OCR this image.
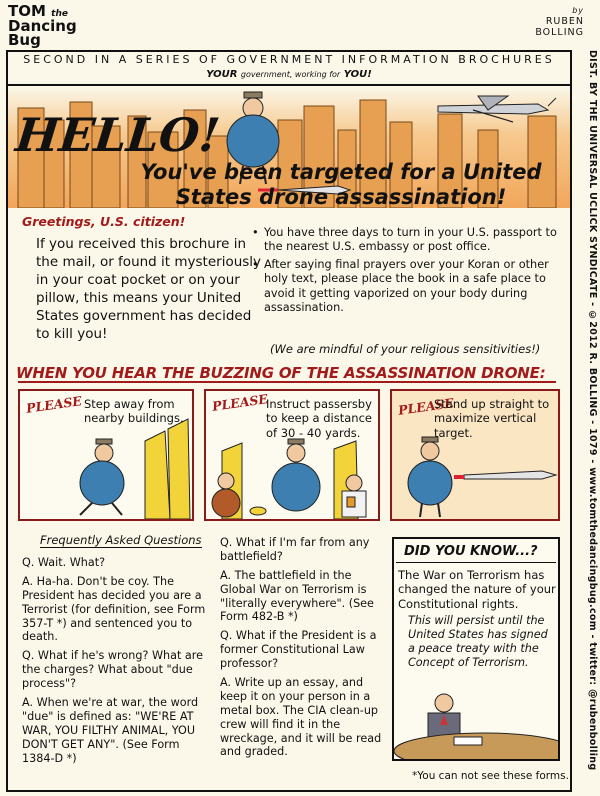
TOM the
Dancing
Bug
by
RUBEN
BOLLING
DIST. BY THE UNIVERSAL UCLICK SYNDICATE - ©2012 R. BOLLING - 1079 - www.tomthedancingbug.com - twitter: @rubenbolling
SECOND IN A SERIES OF GOVERNMENT INFORMATION BROCHURES
YOUR government, working for YOU!
HELLO!
You've been targeted for a United
States drone assassination!
Greetings, U.S. citizen!
If you received this brochure in the mail, or found it mysteriously in your coat pocket or on your pillow, this means your United States government has decided to kill you!
• You have three days to turn in your U.S. passport to the nearest U.S. embassy or post office.
• After saying final prayers over your Koran or other holy text, please place the book in a safe place to avoid it getting vaporized on your body during assassination.
(We are mindful of your religious sensitivities!)
WHEN YOU HEAR THE BUZZING OF THE ASSASSINATION DRONE:
PLEASE Step away from nearby buildings.
PLEASE
Instruct passersby to keep a distance of 30 - 40 yards.
PLEASE
Stand up straight to maximize vertical target.
Frequently Asked Questions

Q. Wait. What?

A. Ha-ha. Don't be coy. The President has decided you are a Terrorist (for definition, see Form 357-T *) and sentenced you to death.

Q. What if he's wrong? What are the charges? What about "due process"?

A. When we're at war, the word "due" is defined as: "WE'RE AT WAR, YOU FILTHY ANIMAL, YOU DON'T GET ANY". (See Form 1384-D *)

Q. What if I'm far from any battlefield?

A. The battlefield in the Global War on Terrorism is "literally everywhere". (See Form 482-B *)

Q. What if the President is a former Constitutional Law professor?

A. Write up an essay, and keep it on your person in a metal box. The CIA clean-up crew will find it in the wreckage, and it will be read and graded.

DID YOU KNOW...?
The War on Terrorism has changed the nature of your Constitutional rights.
This will persist until the United States has signed a peace treaty with the Concept of Terrorism.
*You can not see these forms.
